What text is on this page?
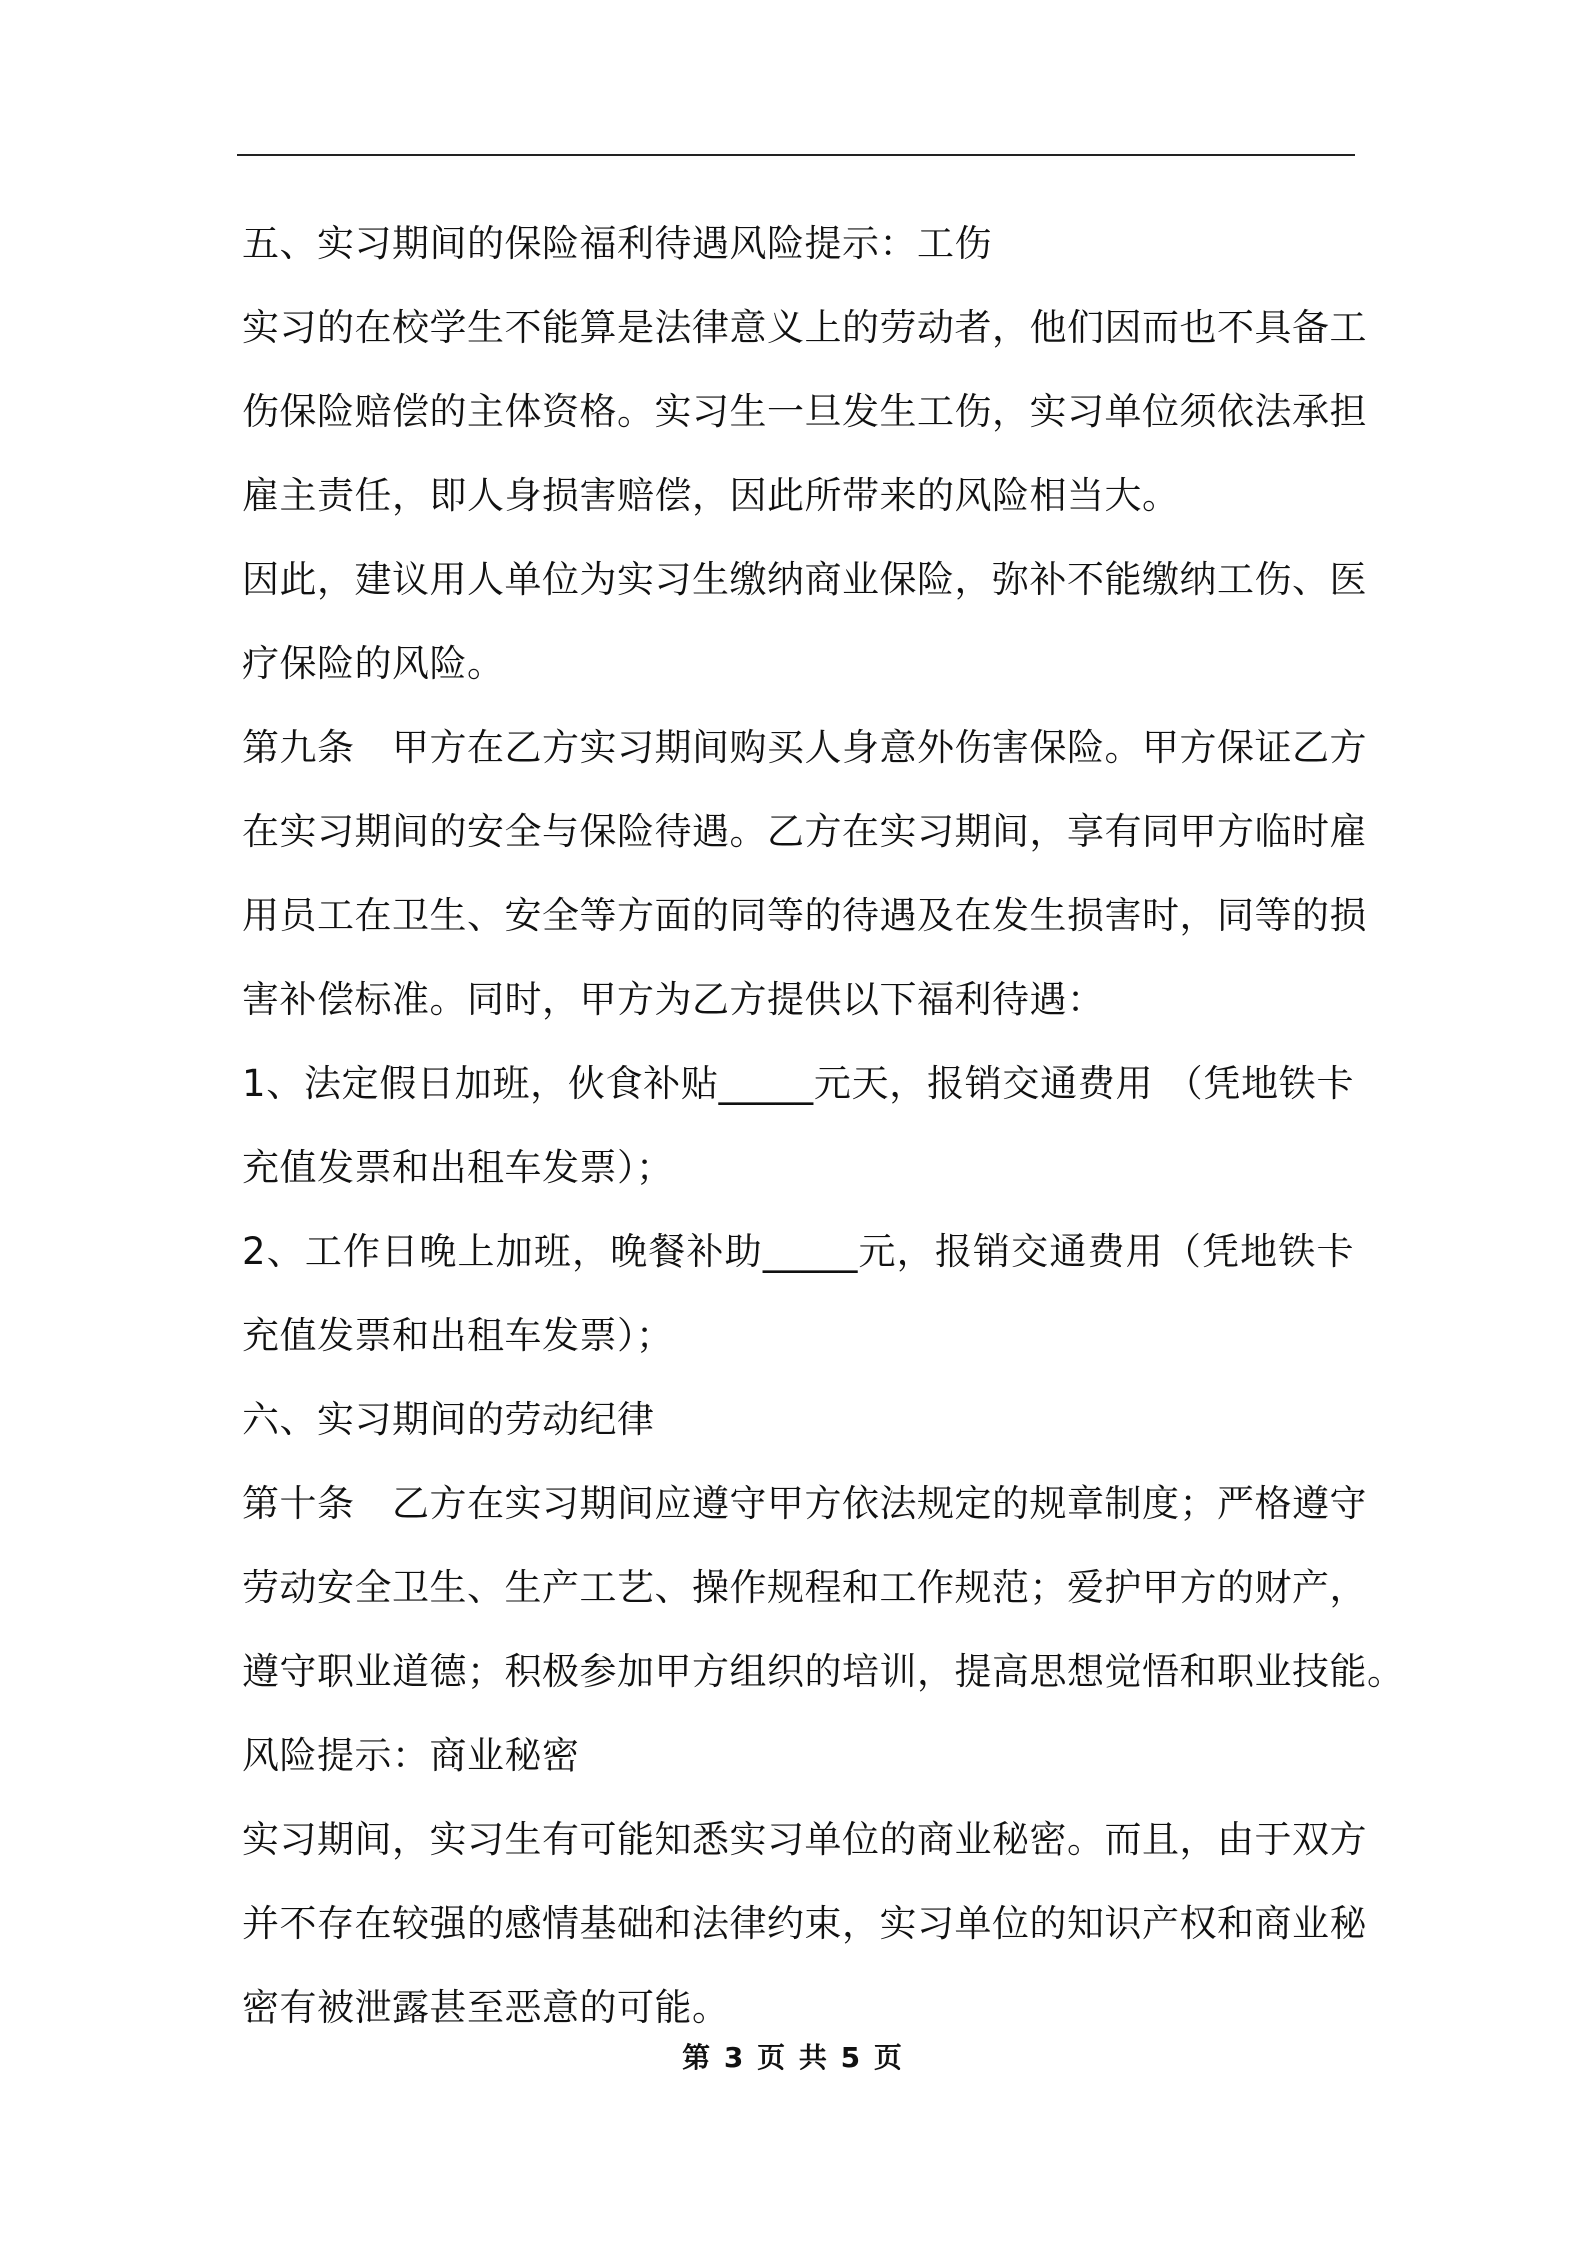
五、实习期间的保险福利待遇风险提示：工伤
实习的在校学生不能算是法律意义上的劳动者，他们因而也不具备工
伤保险赔偿的主体资格。实习生一旦发生工伤，实习单位须依法承担
雇主责任，即人身损害赔偿，因此所带来的风险相当大。
因此，建议用人单位为实习生缴纳商业保险，弥补不能缴纳工伤、医
疗保险的风险。
第九条　甲方在乙方实习期间购买人身意外伤害保险。甲方保证乙方
在实习期间的安全与保险待遇。乙方在实习期间，享有同甲方临时雇
用员工在卫生、安全等方面的同等的待遇及在发生损害时，同等的损
害补偿标准。同时，甲方为乙方提供以下福利待遇：
1、法定假日加班，伙食补贴_____元天，报销交通费用 （凭地铁卡
充值发票和出租车发票）；
2、工作日晚上加班，晚餐补助_____元，报销交通费用（凭地铁卡
充值发票和出租车发票）；
六、实习期间的劳动纪律
第十条　乙方在实习期间应遵守甲方依法规定的规章制度；严格遵守
劳动安全卫生、生产工艺、操作规程和工作规范；爱护甲方的财产，
遵守职业道德；积极参加甲方组织的培训，提高思想觉悟和职业技能。
风险提示：商业秘密
实习期间，实习生有可能知悉实习单位的商业秘密。而且，由于双方
并不存在较强的感情基础和法律约束，实习单位的知识产权和商业秘
密有被泄露甚至恶意的可能。
第 3 页 共 5 页
